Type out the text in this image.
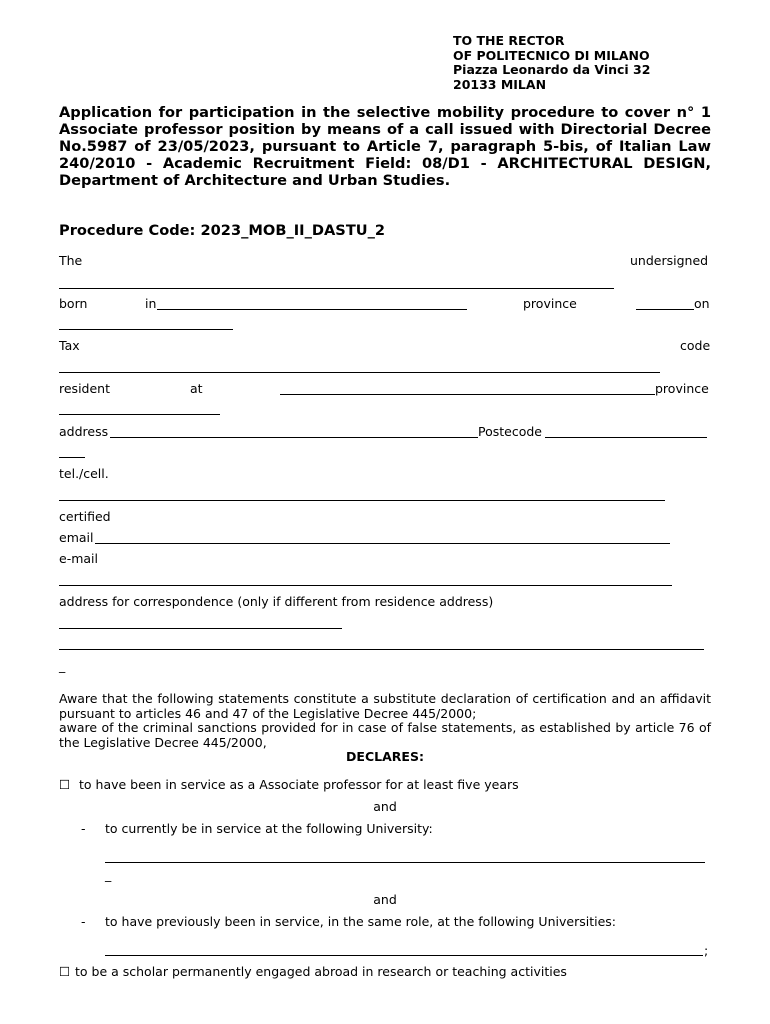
TO THE RECTOR
OF POLITECNICO DI MILANO
Piazza Leonardo da Vinci 32
20133 MILAN
Application for participation in the selective mobility procedure to cover n° 1 Associate professor position by means of a call issued with Directorial Decree No.5987 of 23/05/2023, pursuant to Article 7, paragraph 5-bis, of Italian Law 240/2010 - Academic Recruitment Field: 08/D1 - ARCHITECTURAL DESIGN, Department of Architecture and Urban Studies.
Procedure Code: 2023_MOB_II_DASTU_2
The	undersigned
born	in	province	on
Tax	code
resident	at	province
address	Postecode
tel./cell.
certified
email
e-mail
address for correspondence (only if different from residence address)
_
Aware that the following statements constitute a substitute declaration of certification and an affidavit pursuant to articles 46 and 47 of the Legislative Decree 445/2000;
aware of the criminal sanctions provided for in case of false statements, as established by article 76 of the Legislative Decree 445/2000,
DECLARES:
☐ to have been in service as a Associate professor for at least five years
and
- to currently be in service at the following University:
_
and
- to have previously been in service, in the same role, at the following Universities:
;
☐ to be a scholar permanently engaged abroad in research or teaching activities
